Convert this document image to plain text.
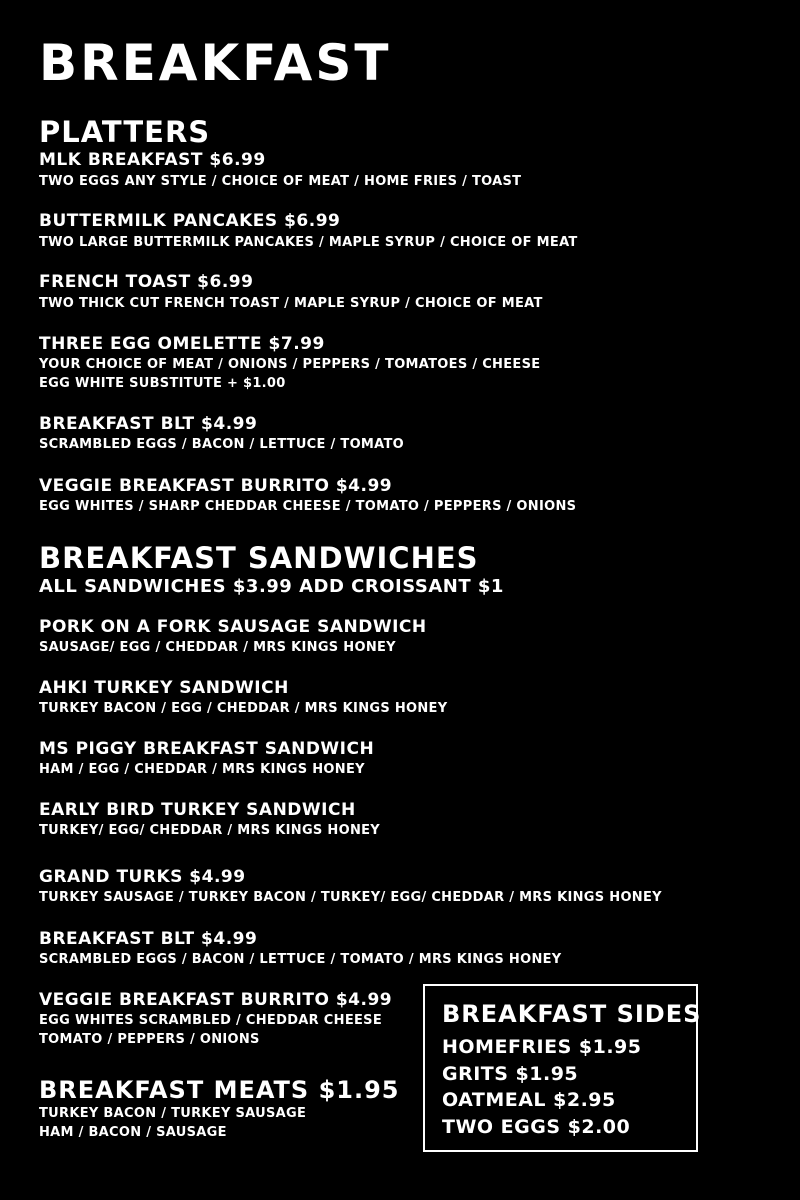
BREAKFAST
PLATTERS
MLK BREAKFAST $6.99
TWO EGGS ANY STYLE / CHOICE OF MEAT / HOME FRIES / TOAST
BUTTERMILK PANCAKES $6.99
TWO LARGE BUTTERMILK PANCAKES / MAPLE SYRUP / CHOICE OF MEAT
FRENCH TOAST $6.99
TWO THICK CUT FRENCH TOAST / MAPLE SYRUP / CHOICE OF MEAT
THREE EGG OMELETTE $7.99
YOUR CHOICE OF MEAT / ONIONS / PEPPERS / TOMATOES / CHEESE
EGG WHITE SUBSTITUTE + $1.00
BREAKFAST BLT $4.99
SCRAMBLED EGGS / BACON / LETTUCE / TOMATO
VEGGIE BREAKFAST BURRITO $4.99
EGG WHITES / SHARP CHEDDAR CHEESE / TOMATO / PEPPERS / ONIONS
BREAKFAST SANDWICHES
ALL SANDWICHES $3.99 ADD CROISSANT $1
PORK ON A FORK SAUSAGE SANDWICH
SAUSAGE/ EGG / CHEDDAR / MRS KINGS HONEY
AHKI TURKEY SANDWICH
TURKEY BACON / EGG / CHEDDAR / MRS KINGS HONEY
MS PIGGY BREAKFAST SANDWICH
HAM / EGG / CHEDDAR / MRS KINGS HONEY
EARLY BIRD TURKEY SANDWICH
TURKEY/ EGG/ CHEDDAR / MRS KINGS HONEY
GRAND TURKS $4.99
TURKEY SAUSAGE / TURKEY BACON / TURKEY/ EGG/ CHEDDAR / MRS KINGS HONEY
BREAKFAST BLT $4.99
SCRAMBLED EGGS / BACON / LETTUCE / TOMATO / MRS KINGS HONEY
VEGGIE BREAKFAST BURRITO $4.99
EGG WHITES SCRAMBLED / CHEDDAR CHEESE
TOMATO / PEPPERS / ONIONS
BREAKFAST MEATS $1.95
TURKEY BACON / TURKEY SAUSAGE
HAM / BACON / SAUSAGE
BREAKFAST SIDES
HOMEFRIES $1.95
GRITS $1.95
OATMEAL $2.95
TWO EGGS $2.00
